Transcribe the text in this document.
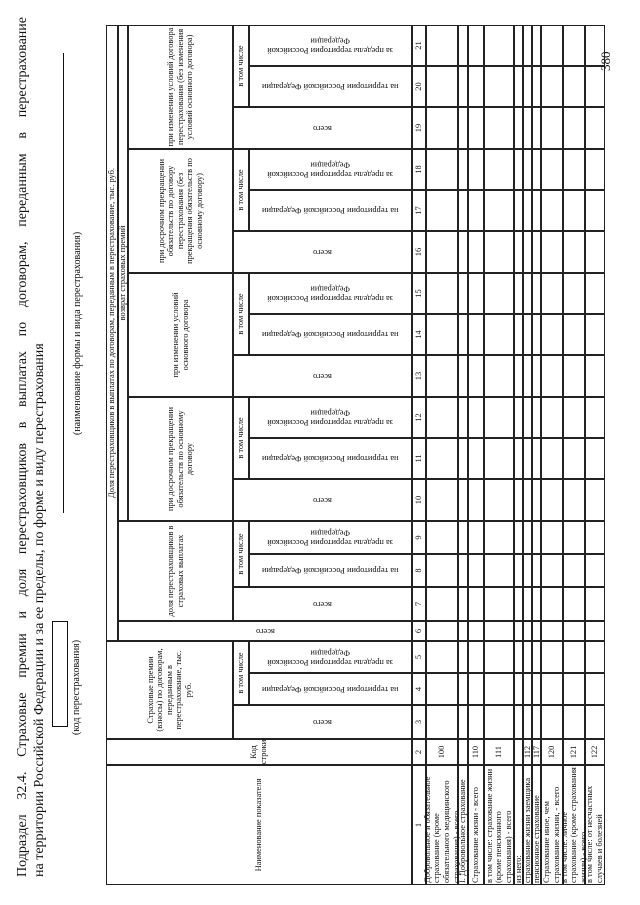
Подраздел 32.4. Страховые премии и доля перестраховщиков в выплатах по договорам, переданным в перестрахование на территории Российской Федерации и за ее пределы, по форме и виду перестрахования (код перестрахования)
(наименование формы и вида перестрахования)
380
Наименование показателя
Код строки
Страховые премии (взносы) по договорам, переданным в перестрахование, тыс. руб.
всего
в том числе	на территории Российской Федерации
за пределы территории Российской Федерации
Доля перестраховщиков в выплатах по договорам, переданным в перестрахование, тыс. руб.
всего
доля перестраховщиков в страховых выплатах
возврат страховых премий
при досрочном прекращении обязательств по основному договору
при изменении условий основного договора
при досрочном прекращении обязательств по договору перестрахования (без прекращения обязательств по основному договору)
при изменении условий договора перестрахования (без изменения условий основного договора)
всего
в том числе	на территории Российской Федерации
за пределы территории Российской Федерации
всего
в том числе
на территории Российской Федерации
за пределы территории Российской Федерации
всего
в том числе
на территории Российской Федерации
за пределы территории Российской Федерации
всего
в том числе
на территории Российской Федерации
за пределы территории Российской Федерации
всего
в том числе
на территории Российской Федерации
за пределы территории Российской Федерации
1
2
3
4
5
6
7
8
9
10
11
12
13
14
15
16
17
18
19
20
21
Добровольное и обязательное страхование (кроме обязательного медицинского страхования) - всего
100
I. Добровольное страхование Страхование жизни - всего
110
в том числе: страхование жизни (кроме пенсионного страхования) - всего
111
из него: страхование жизни заемщика
112
пенсионное страхование
117
Страхование иное, чем страхование жизни, - всего
120
в том числе: личное страхование (кроме страхования жизни) - всего
121
в том числе: от несчастных случаев и болезней
122
